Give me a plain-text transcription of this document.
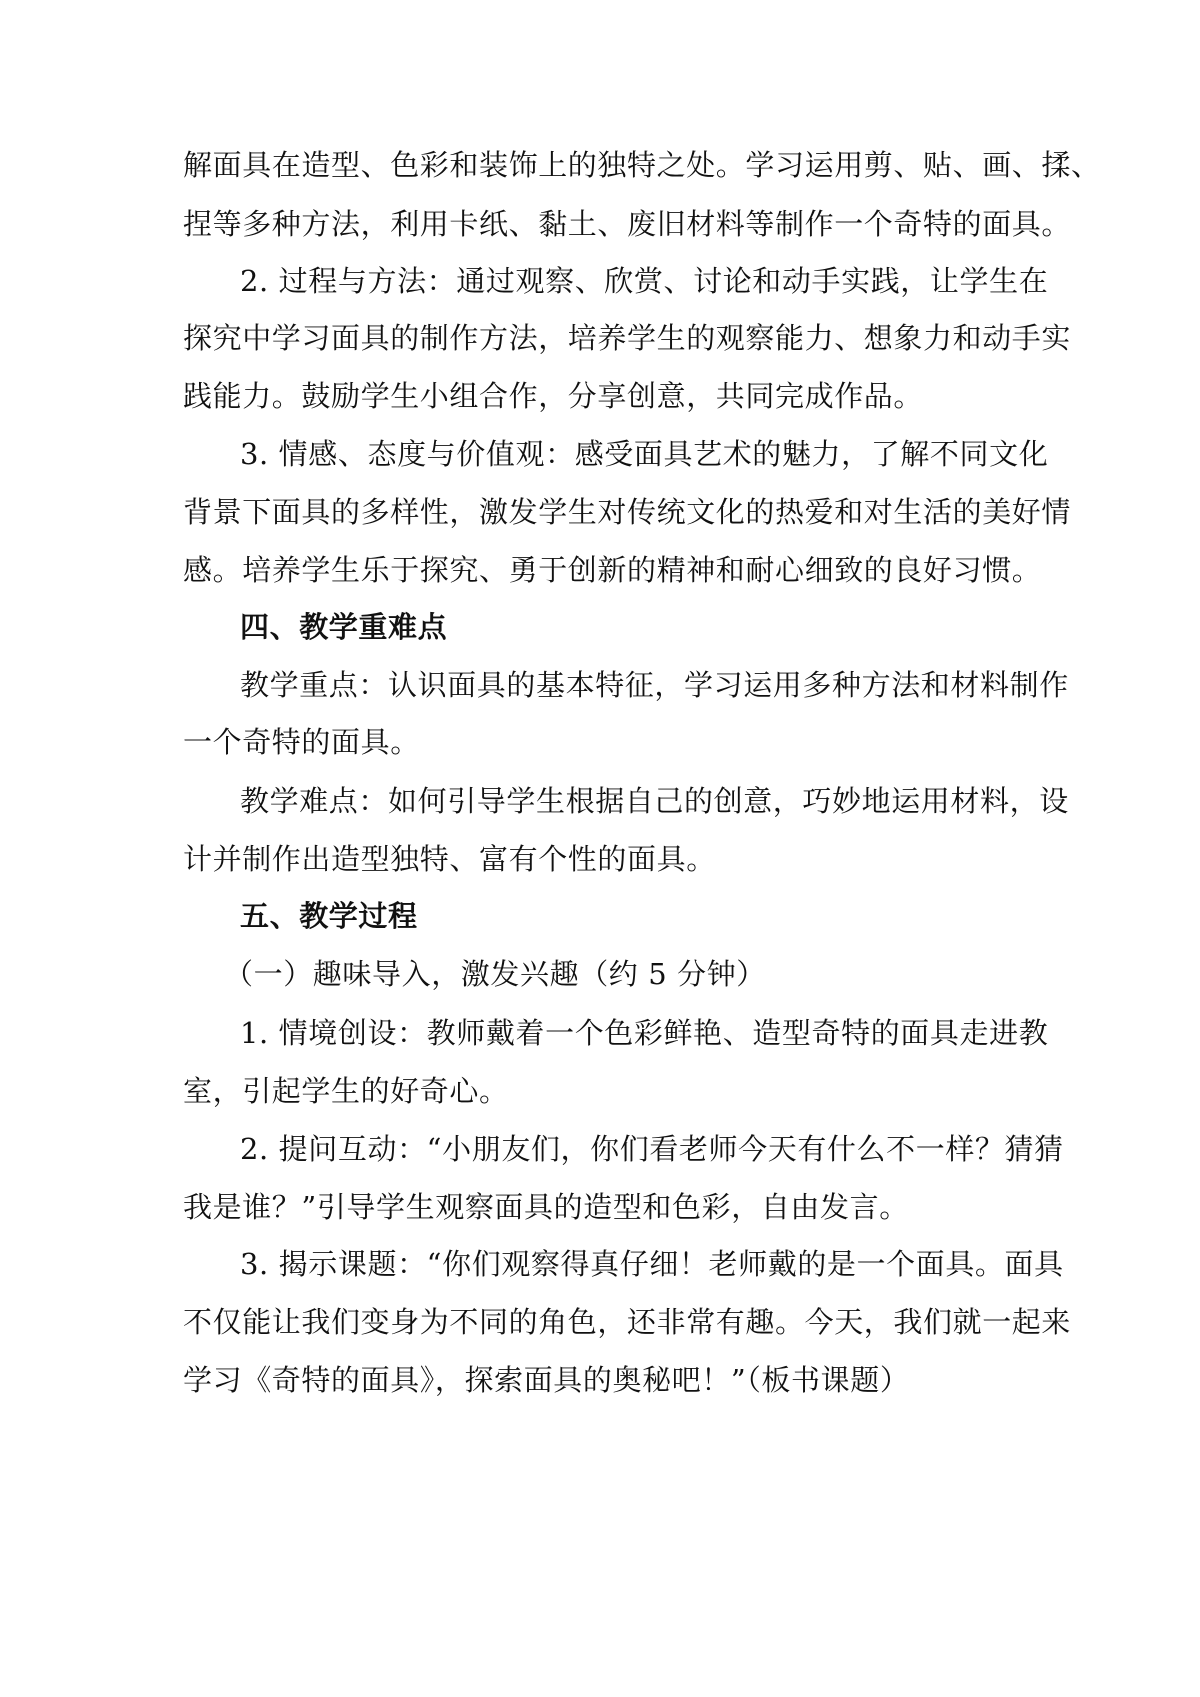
解面具在造型、色彩和装饰上的独特之处。学习运用剪、贴、画、揉、
捏等多种方法，利用卡纸、黏土、废旧材料等制作一个奇特的面具。
2. 过程与方法：通过观察、欣赏、讨论和动手实践，让学生在
探究中学习面具的制作方法，培养学生的观察能力、想象力和动手实
践能力。鼓励学生小组合作，分享创意，共同完成作品。
3. 情感、态度与价值观：感受面具艺术的魅力，了解不同文化
背景下面具的多样性，激发学生对传统文化的热爱和对生活的美好情
感。培养学生乐于探究、勇于创新的精神和耐心细致的良好习惯。
四、教学重难点
教学重点：认识面具的基本特征，学习运用多种方法和材料制作
一个奇特的面具。
教学难点：如何引导学生根据自己的创意，巧妙地运用材料，设
计并制作出造型独特、富有个性的面具。
五、教学过程
（一）趣味导入，激发兴趣（约 5 分钟）
1. 情境创设：教师戴着一个色彩鲜艳、造型奇特的面具走进教
室，引起学生的好奇心。
2. 提问互动：“小朋友们，你们看老师今天有什么不一样？猜猜
我是谁？”引导学生观察面具的造型和色彩，自由发言。
3. 揭示课题：“你们观察得真仔细！老师戴的是一个面具。面具
不仅能让我们变身为不同的角色，还非常有趣。今天，我们就一起来
学习《奇特的面具》，探索面具的奥秘吧！”（板书课题）
